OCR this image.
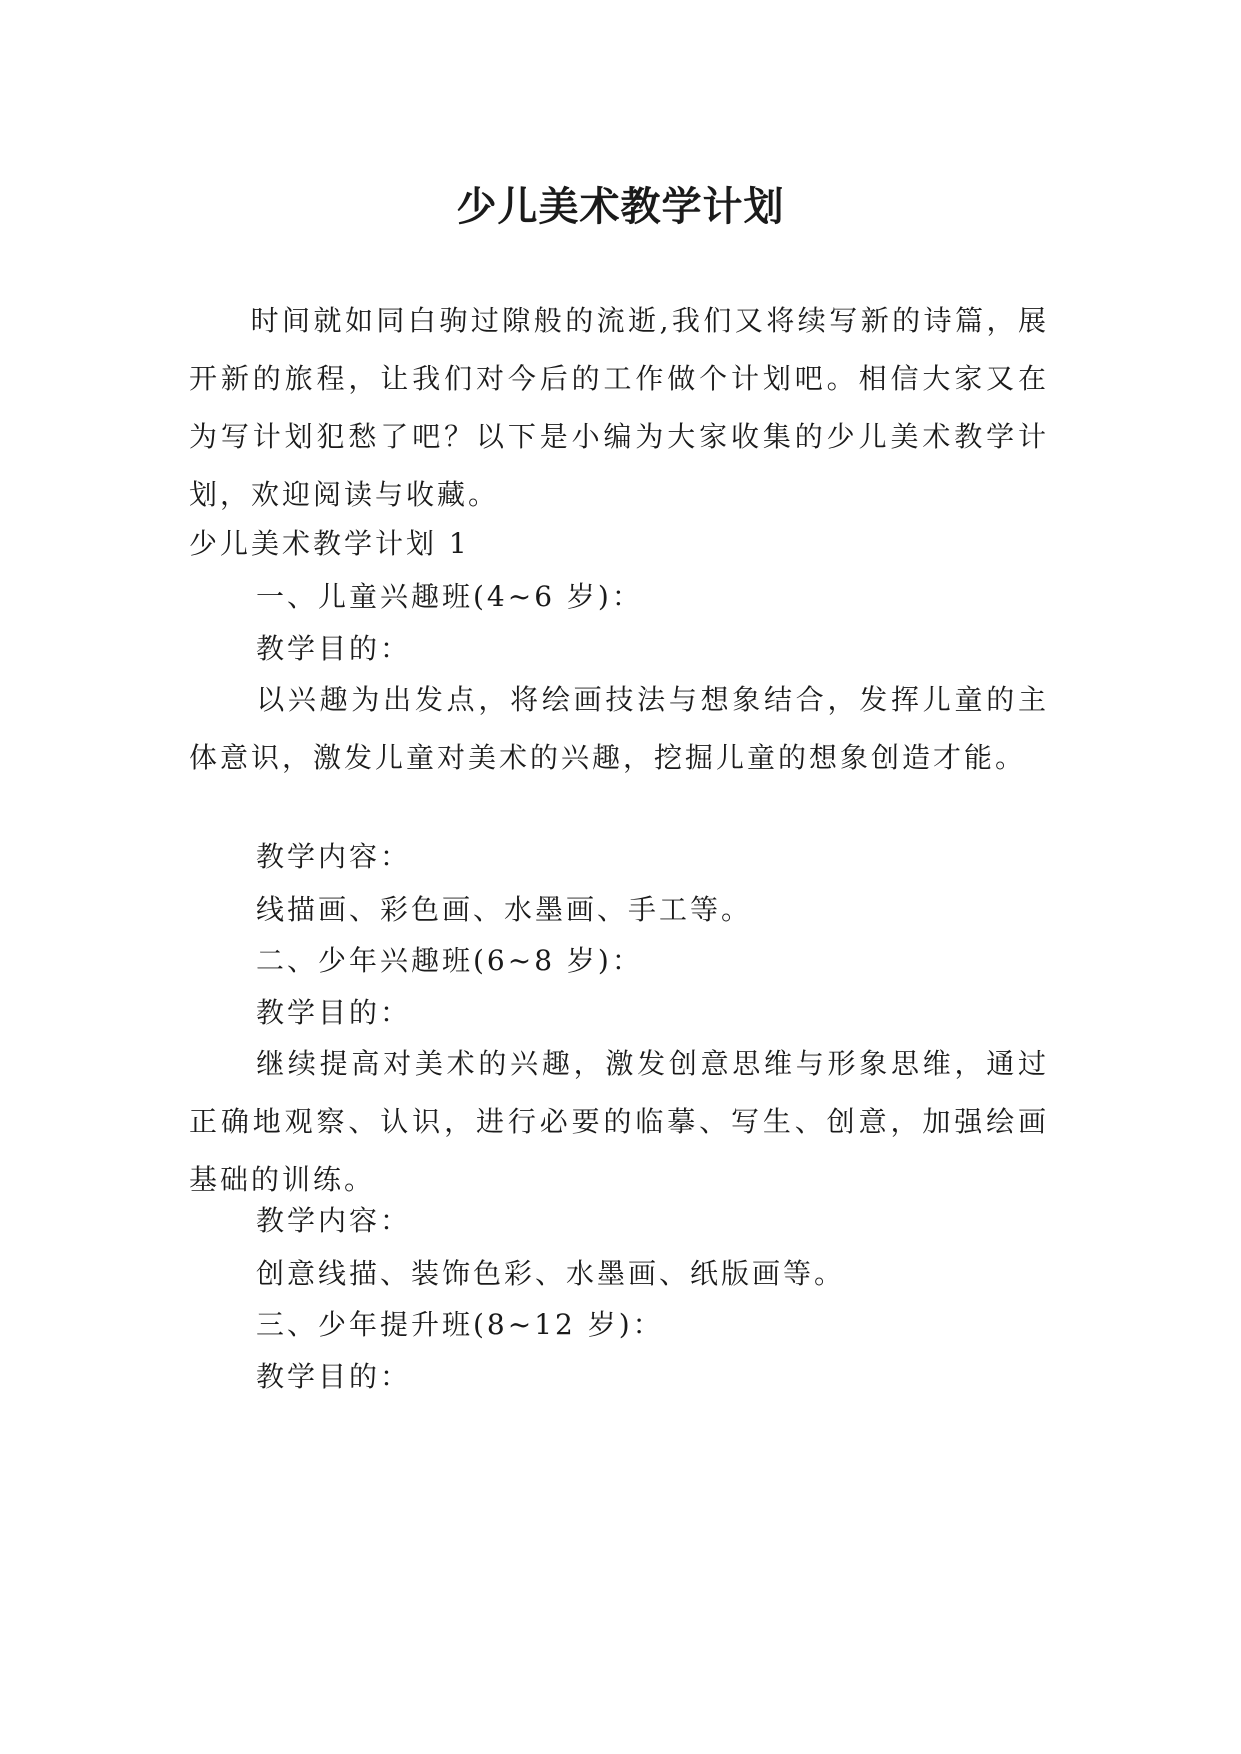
少儿美术教学计划

时间就如同白驹过隙般的流逝,我们又将续写新的诗篇，展开新的旅程，让我们对今后的工作做个计划吧。相信大家又在为写计划犯愁了吧？以下是小编为大家收集的少儿美术教学计划，欢迎阅读与收藏。

少儿美术教学计划 1

一、儿童兴趣班(4~6 岁)：

教学目的：

以兴趣为出发点，将绘画技法与想象结合，发挥儿童的主体意识，激发儿童对美术的兴趣，挖掘儿童的想象创造才能。

教学内容：

线描画、彩色画、水墨画、手工等。

二、少年兴趣班(6~8 岁)：

教学目的：

继续提高对美术的兴趣，激发创意思维与形象思维，通过正确地观察、认识，进行必要的临摹、写生、创意，加强绘画基础的训练。

教学内容：

创意线描、装饰色彩、水墨画、纸版画等。

三、少年提升班(8~12 岁)：

教学目的：
